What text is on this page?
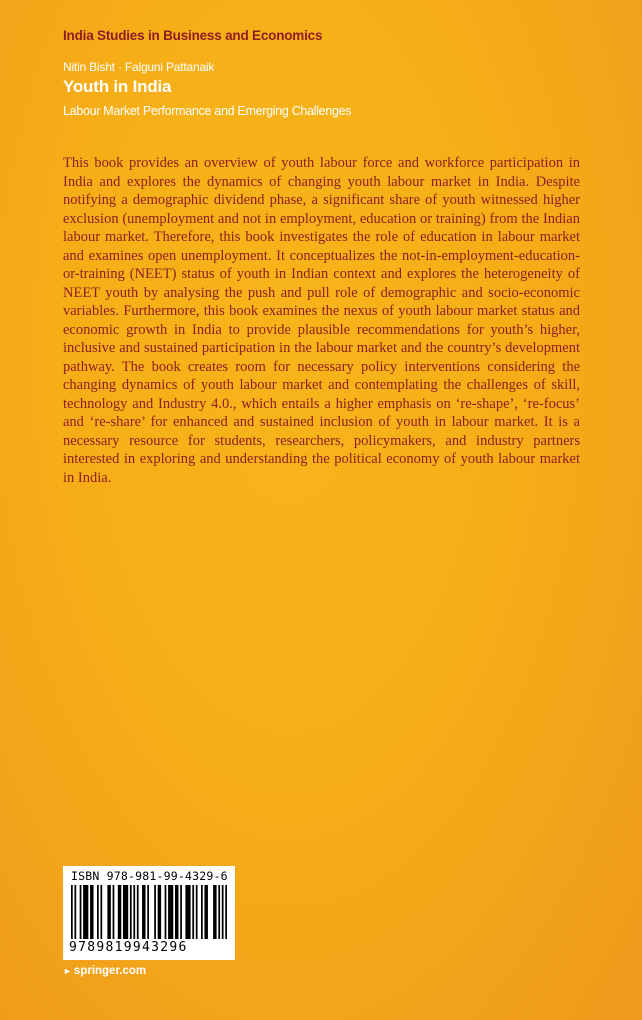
India Studies in Business and Economics
Nitin Bisht · Falguni Pattanaik
Youth in India
Labour Market Performance and Emerging Challenges

This book provides an overview of youth labour force and workforce participation in India and explores the dynamics of changing youth labour market in India. Despite notifying a demographic dividend phase, a significant share of youth witnessed higher exclusion (unemployment and not in employment, education or training) from the Indian labour market. Therefore, this book investigates the role of education in labour market and examines open unemployment. It conceptualizes the not-in-employment-education-or-training (NEET) status of youth in Indian context and explores the heterogeneity of NEET youth by analysing the push and pull role of demographic and socio-economic variables. Furthermore, this book examines the nexus of youth labour market status and economic growth in India to provide plausible recommendations for youth’s higher, inclusive and sustained participation in the labour market and the country’s development pathway. The book creates room for necessary policy interventions considering the changing dynamics of youth labour market and contemplating the challenges of skill, technology and Industry 4.0., which entails a higher emphasis on ‘re-shape’, ‘re-focus’ and ‘re-share’ for enhanced and sustained inclusion of youth in labour market. It is a necessary resource for students, researchers, policymakers, and industry partners interested in exploring and understanding the political economy of youth labour market in India.

ISBN 978-981-99-4329-6
9789819943296
► springer.com
